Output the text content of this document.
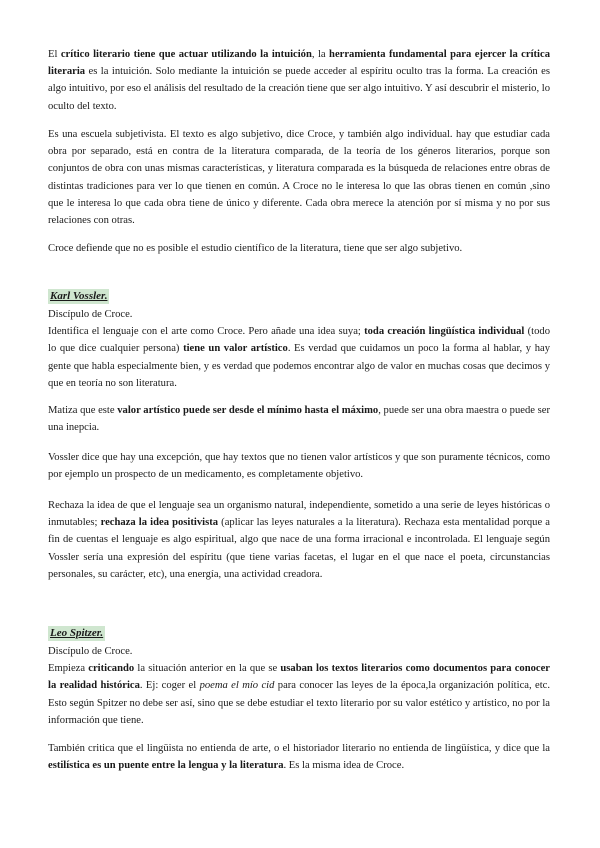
El crítico literario tiene que actuar utilizando la intuición, la herramienta fundamental para ejercer la crítica literaria es la intuición. Solo mediante la intuición se puede acceder al espíritu oculto tras la forma. La creación es algo intuitivo, por eso el análisis del resultado de la creación tiene que ser algo intuitivo. Y así descubrir el misterio, lo oculto del texto.

Es una escuela subjetivista. El texto es algo subjetivo, dice Croce, y también algo individual. hay que estudiar cada obra por separado, está en contra de la literatura comparada, de la teoría de los géneros literarios, porque son conjuntos de obra con unas mismas características, y literatura comparada es la búsqueda de relaciones entre obras de distintas tradiciones para ver lo que tienen en común. A Croce no le interesa lo que las obras tienen en común ,sino que le interesa lo que cada obra tiene de único y diferente. Cada obra merece la atención por sí misma y no por sus relaciones con otras.

Croce defiende que no es posible el estudio científico de la literatura, tiene que ser algo subjetivo.

Karl Vossler.

Discípulo de Croce.
Identifica el lenguaje con el arte como Croce. Pero añade una idea suya; toda creación lingüística individual (todo lo que dice cualquier persona) tiene un valor artístico. Es verdad que cuidamos un poco la forma al hablar, y hay gente que habla especialmente bien, y es verdad que podemos encontrar algo de valor en muchas cosas que decimos y que en teoría no son literatura.

Matiza que este valor artístico puede ser desde el mínimo hasta el máximo, puede ser una obra maestra o puede ser una inepcia.

Vossler dice que hay una excepción, que hay textos que no tienen valor artísticos y que son puramente técnicos, como por ejemplo un prospecto de un medicamento, es completamente objetivo.

Rechaza la idea de que el lenguaje sea un organismo natural, independiente, sometido a una serie de leyes históricas o inmutables; rechaza la idea positivista (aplicar las leyes naturales a la literatura). Rechaza esta mentalidad porque a fin de cuentas el lenguaje es algo espiritual, algo que nace de una forma irracional e incontrolada. El lenguaje según Vossler sería una expresión del espíritu (que tiene varias facetas, el lugar en el que nace el poeta, circunstancias personales, su carácter, etc), una energía, una actividad creadora.

Leo Spitzer.

Discípulo de Croce.
Empieza criticando la situación anterior en la que se usaban los textos literarios como documentos para conocer la realidad histórica. Ej: coger el poema el mío cid para conocer las leyes de la época,la organización política, etc. Esto según Spitzer no debe ser así, sino que se debe estudiar el texto literario por su valor estético y artístico, no por la información que tiene.

También critica que el lingüista no entienda de arte, o el historiador literario no entienda de lingüística, y dice que la estilística es un puente entre la lengua y la literatura. Es la misma idea de Croce.
